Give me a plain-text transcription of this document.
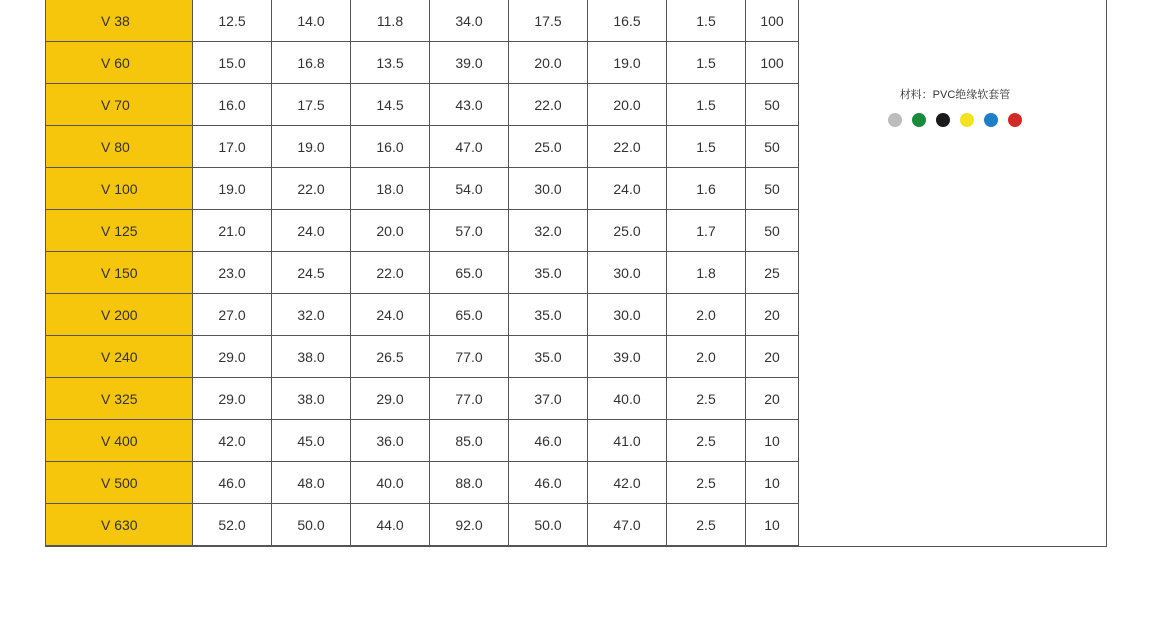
V 38	12.5	14.0	11.8	34.0	17.5	16.5	1.5	100
V 60	15.0	16.8	13.5	39.0	20.0	19.0	1.5	100
V 70	16.0	17.5	14.5	43.0	22.0	20.0	1.5	50
V 80	17.0	19.0	16.0	47.0	25.0	22.0	1.5	50
V 100	19.0	22.0	18.0	54.0	30.0	24.0	1.6	50
V 125	21.0	24.0	20.0	57.0	32.0	25.0	1.7	50
V 150	23.0	24.5	22.0	65.0	35.0	30.0	1.8	25
V 200	27.0	32.0	24.0	65.0	35.0	30.0	2.0	20
V 240	29.0	38.0	26.5	77.0	35.0	39.0	2.0	20
V 325	29.0	38.0	29.0	77.0	37.0	40.0	2.5	20
V 400	42.0	45.0	36.0	85.0	46.0	41.0	2.5	10
V 500	46.0	48.0	40.0	88.0	46.0	42.0	2.5	10
V 630	52.0	50.0	44.0	92.0	50.0	47.0	2.5	10
材料：PVC绝缘软套管
